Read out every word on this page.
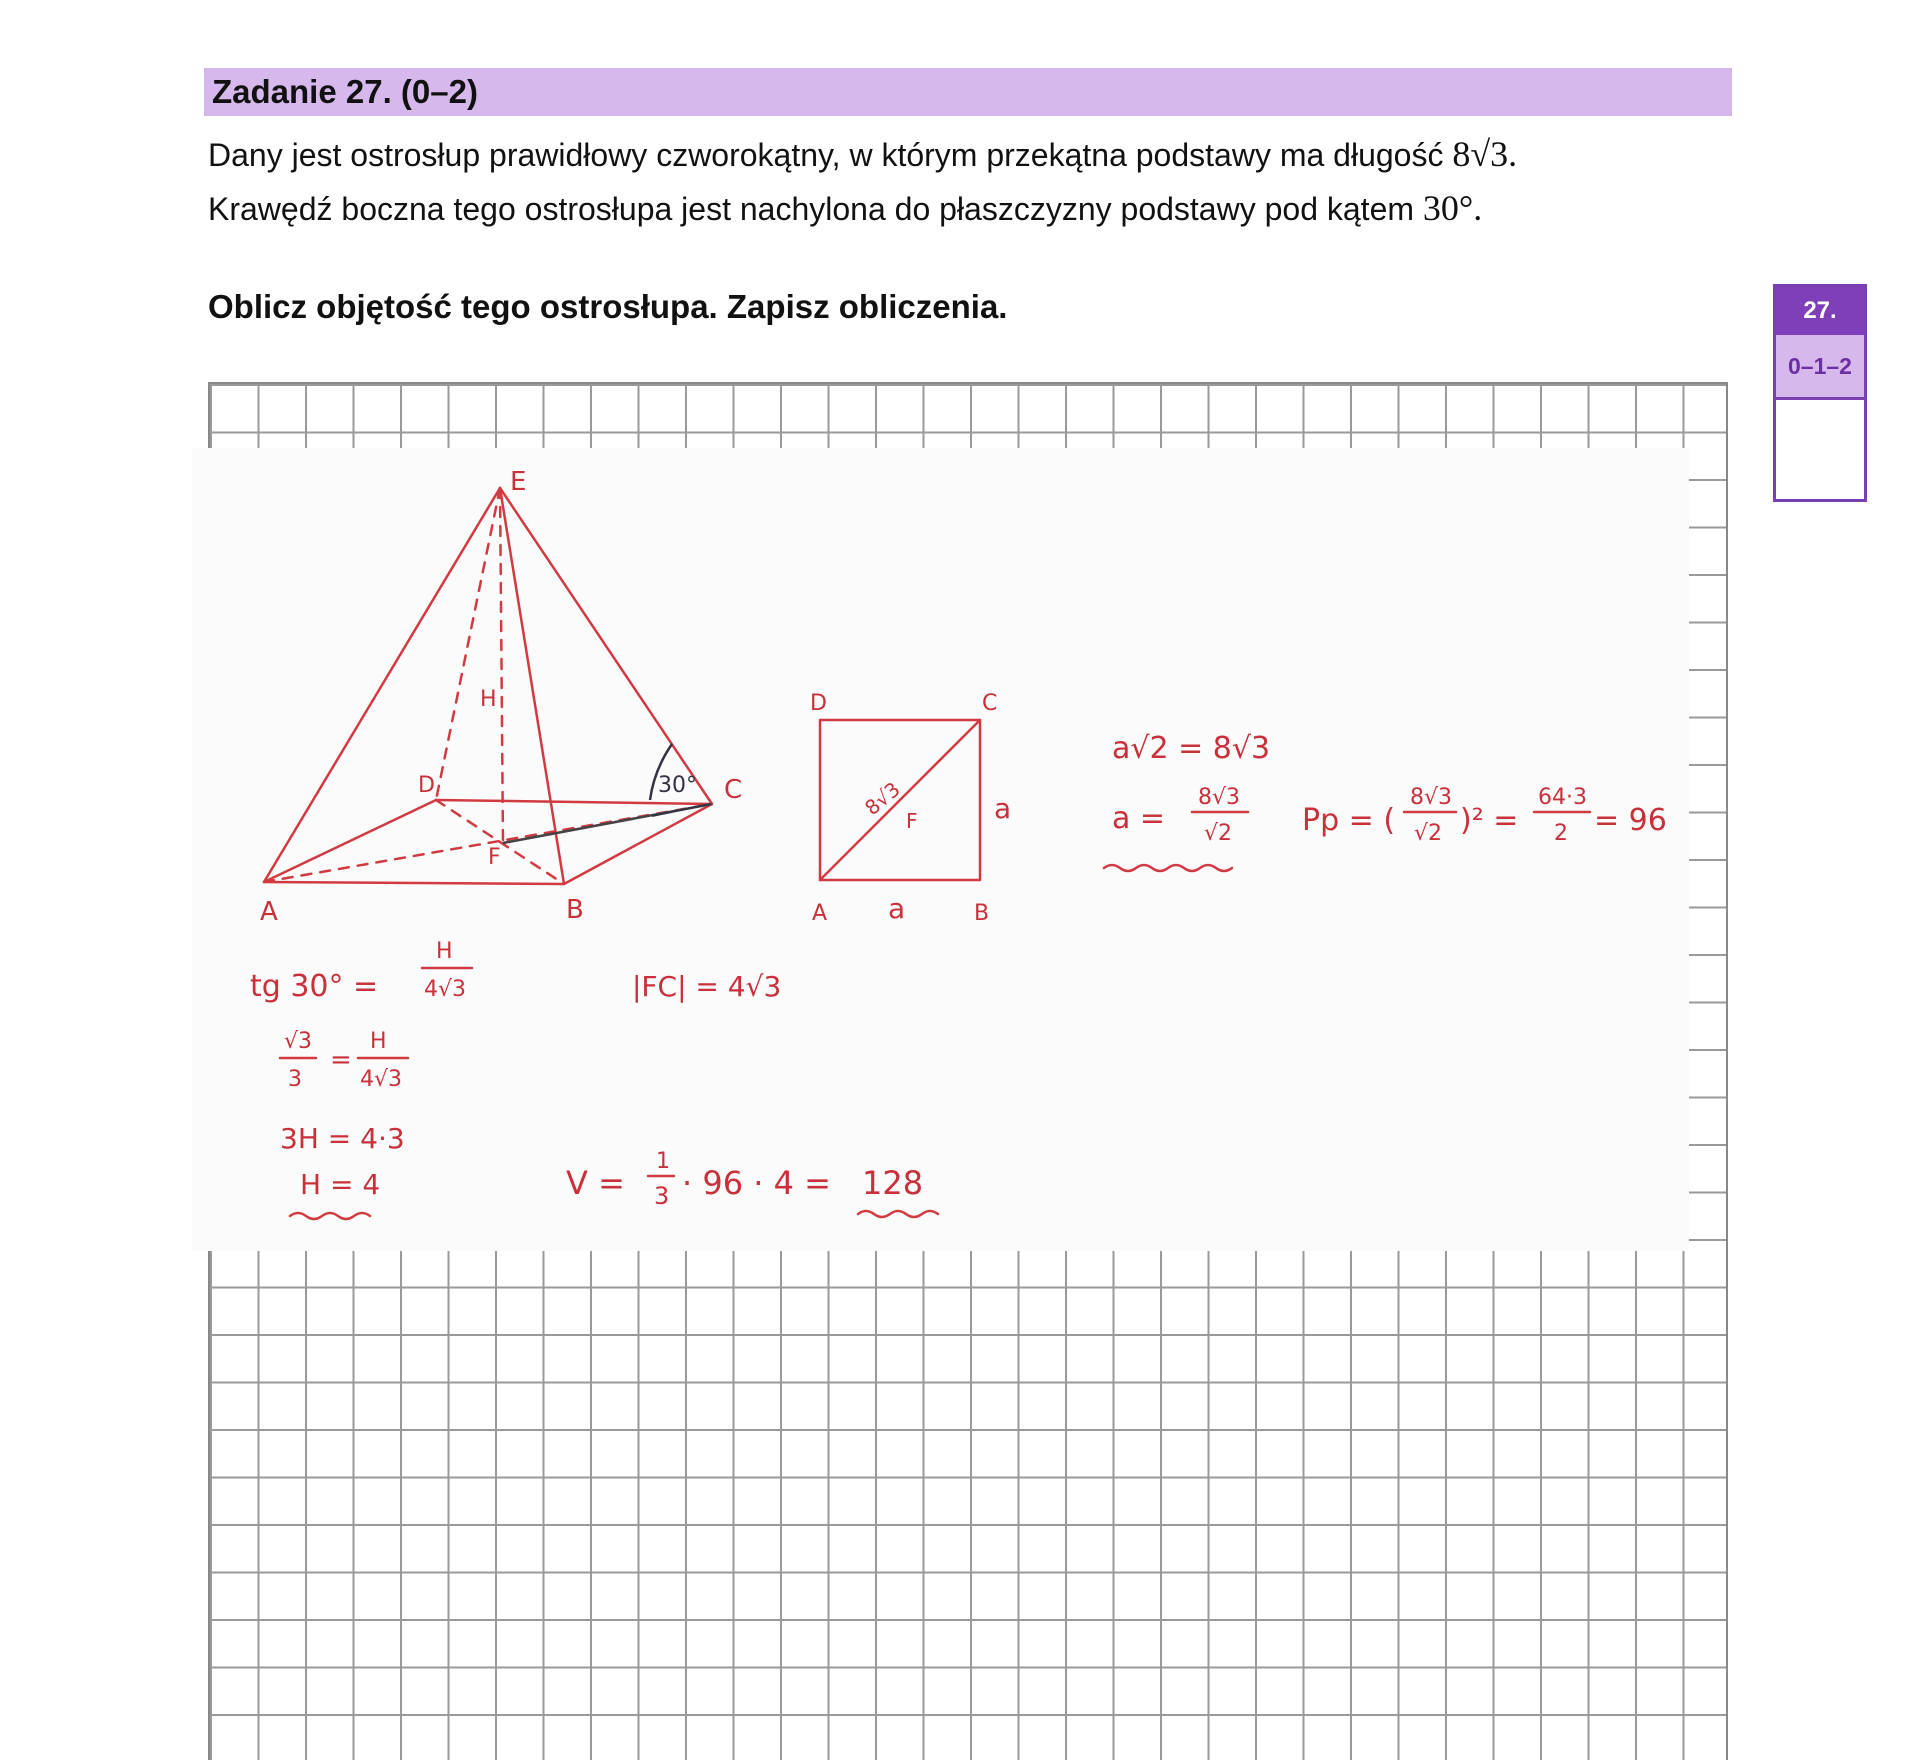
Zadanie 27. (0–2)
Dany jest ostrosłup prawidłowy czworokątny, w którym przekątna podstawy ma długość 8√3.
Krawędź boczna tego ostrosłupa jest nachylona do płaszczyzny podstawy pod kątem 30°.
Oblicz objętość tego ostrosłupa. Zapisz obliczenia.	27.
0–1–2
E
H
D	C
F
A	B
30°
D	C
A	B
F	a
a
8√3
a√2 = 8√3
a =
8√3
√2 Pp = (
8√3
√2 )² =
64·3
2 = 96
tg 30° =
H
4√3	|FC| = 4√3
√3
3
=
H
4√3
3H = 4·3
H = 4	V =
1
3 · 96 · 4 = 128
